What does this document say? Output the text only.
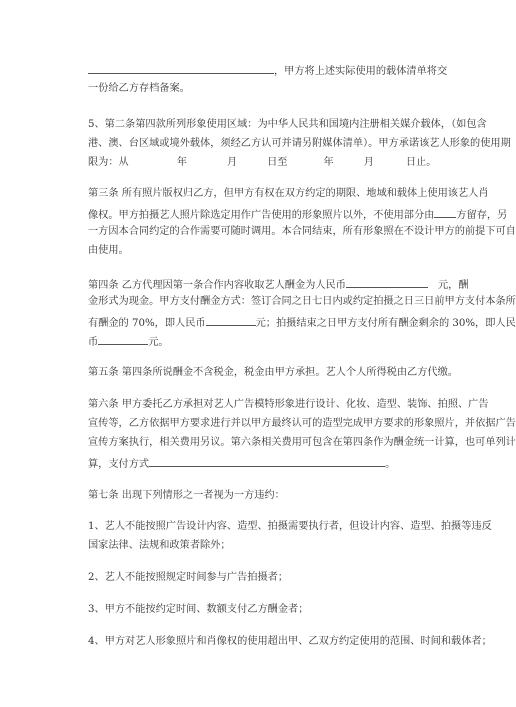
，甲方将上述实际使用的载体清单将交
一份给乙方存档备案。
5、第二条第四款所列形象使用区域：为中华人民共和国境内注册相关媒介载体，（如包含
港、澳、台区域或境外载体，须经乙方认可并请另附媒体清单）。甲方承诺该艺人形象的使用期
限为：从	年	月	日至	年	月	日止。
第三条 所有照片版权归乙方，但甲方有权在双方约定的期限、地域和载体上使用该艺人肖
像权。甲方拍摄艺人照片除选定用作广告使用的形象照片以外，不使用部分由 方留存，另
一方因本合同约定的合作需要可随时调用。本合同结束，所有形象照在不设计甲方的前提下可自
由使用。
第四条 乙方代理因第一条合作内容收取艺人酬金为人民币	元，酬
金形式为现金。甲方支付酬金方式：签订合同之日七日内或约定拍摄之日三日前甲方支付本条所
有酬金的 70%，即人民币	元；拍摄结束之日甲方支付所有酬金剩余的 30%，即人民
币	元。
第五条 第四条所说酬金不含税金，税金由甲方承担。艺人个人所得税由乙方代缴。
第六条 甲方委托乙方承担对艺人广告模特形象进行设计、化妆、造型、装饰、拍照、广告
宣传等，乙方依据甲方要求进行并以甲方最终认可的造型完成甲方要求的形象照片，并依据广告
宣传方案执行，相关费用另议。第六条相关费用可包含在第四条作为酬金统一计算，也可单列计
算，支付方式	。
第七条 出现下列情形之一者视为一方违约：
1、艺人不能按照广告设计内容、造型、拍摄需要执行者，但设计内容、造型、拍摄等违反
国家法律、法规和政策者除外；
2、艺人不能按照规定时间参与广告拍摄者；
3、甲方不能按约定时间、数额支付乙方酬金者；
4、甲方对艺人形象照片和肖像权的使用超出甲、乙双方约定使用的范围、时间和载体者；
